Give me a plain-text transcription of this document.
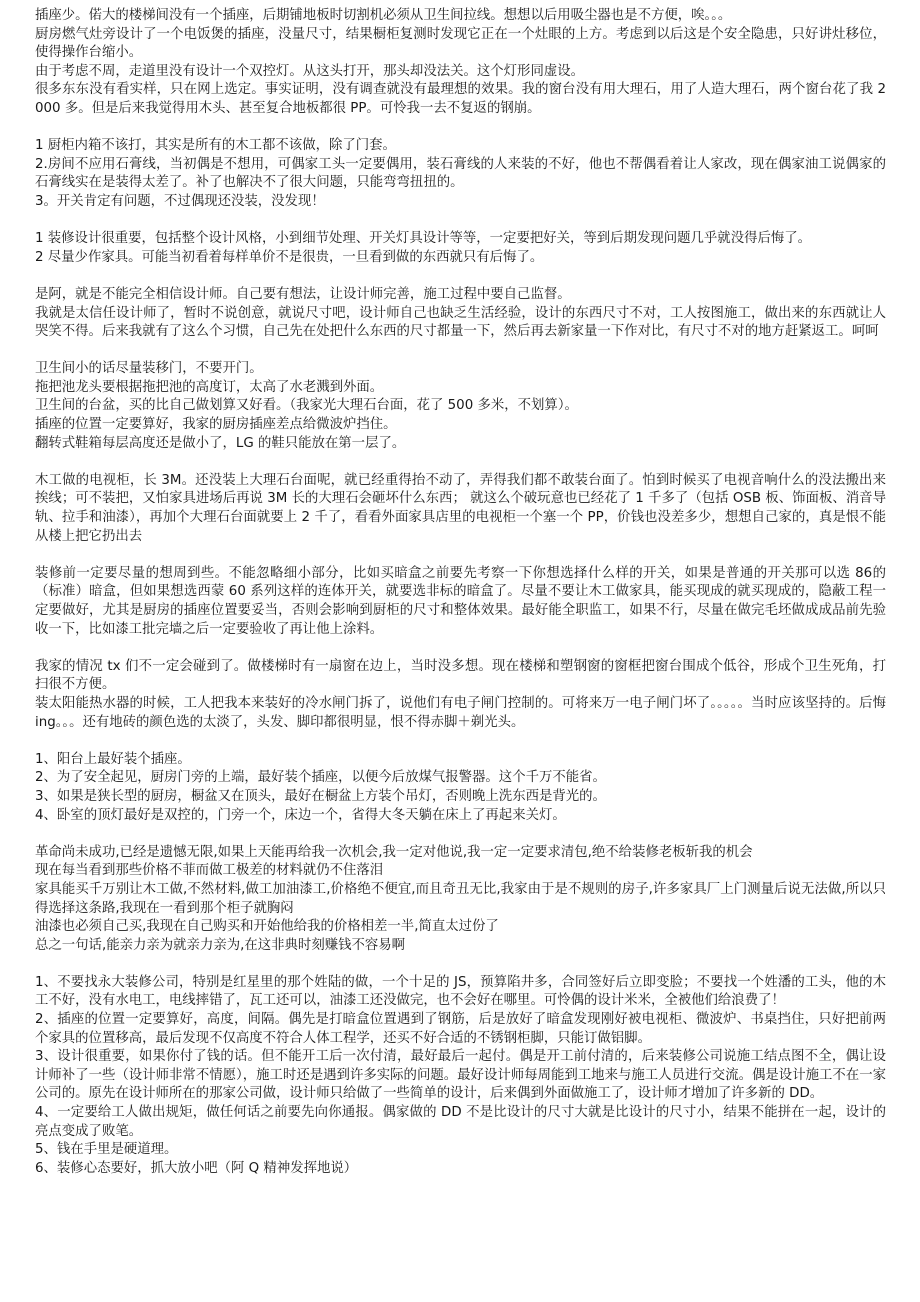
插座少。偌大的楼梯间没有一个插座，后期铺地板时切割机必须从卫生间拉线。想想以后用吸尘器也是不方便，唉。。。
厨房燃气灶旁设计了一个电饭煲的插座，没量尺寸，结果橱柜复测时发现它正在一个灶眼的上方。考虑到以后这是个安全隐患，只好讲灶移位，使得操作台缩小。
由于考虑不周，走道里没有设计一个双控灯。从这头打开，那头却没法关。这个灯形同虚设。
很多东东没有看实样，只在网上选定。事实证明，没有调查就没有最理想的效果。我的窗台没有用大理石，用了人造大理石，两个窗台花了我 2000 多。但是后来我觉得用木头、甚至复合地板都很 PP。可怜我一去不复返的钢崩。
1 厨柜内箱不该打，其实是所有的木工都不该做，除了门套。
2.房间不应用石膏线，当初偶是不想用，可偶家工头一定要偶用，装石膏线的人来装的不好，他也不帮偶看着让人家改，现在偶家油工说偶家的石膏线实在是装得太差了。补了也解决不了很大问题，只能弯弯扭扭的。
3。开关肯定有问题，不过偶现还没装，没发现！
1 装修设计很重要，包括整个设计风格，小到细节处理、开关灯具设计等等，一定要把好关，等到后期发现问题几乎就没得后悔了。
2 尽量少作家具。可能当初看着每样单价不是很贵，一旦看到做的东西就只有后悔了。
是阿，就是不能完全相信设计师。自己要有想法，让设计师完善，施工过程中要自己监督。
我就是太信任设计师了，暂时不说创意，就说尺寸吧，设计师自己也缺乏生活经验，设计的东西尺寸不对，工人按图施工，做出来的东西就让人哭笑不得。后来我就有了这么个习惯，自己先在处把什么东西的尺寸都量一下，然后再去新家量一下作对比，有尺寸不对的地方赶紧返工。呵呵
卫生间小的话尽量装移门，不要开门。
拖把池龙头要根据拖把池的高度订，太高了水老溅到外面。
卫生间的台盆，买的比自己做划算又好看。（我家光大理石台面，花了 500 多米，不划算）。
插座的位置一定要算好，我家的厨房插座差点给微波炉挡住。
翻转式鞋箱每层高度还是做小了，LG 的鞋只能放在第一层了。
木工做的电视柜，长 3M。还没装上大理石台面呢，就已经重得抬不动了，弄得我们都不敢装台面了。怕到时候买了电视音响什么的没法搬出来挨线；可不装把，又怕家具进场后再说 3M 长的大理石会砸坏什么东西； 就这么个破玩意也已经花了 1 千多了（包括 OSB 板、饰面板、消音导轨、拉手和油漆），再加个大理石台面就要上 2 千了，看看外面家具店里的电视柜一个塞一个 PP，价钱也没差多少，想想自己家的，真是恨不能从楼上把它扔出去
装修前一定要尽量的想周到些。不能忽略细小部分，比如买暗盒之前要先考察一下你想选择什么样的开关，如果是普通的开关那可以选 86的（标准）暗盒，但如果想选西蒙 60 系列这样的连体开关，就要选非标的暗盒了。尽量不要让木工做家具，能买现成的就买现成的，隐蔽工程一定要做好，尤其是厨房的插座位置要妥当，否则会影响到厨柜的尺寸和整体效果。最好能全职监工，如果不行，尽量在做完毛坯做成成品前先验收一下，比如漆工批完墙之后一定要验收了再让他上涂料。
我家的情况 tx 们不一定会碰到了。做楼梯时有一扇窗在边上，当时没多想。现在楼梯和塑钢窗的窗框把窗台围成个低谷，形成个卫生死角，打扫很不方便。
装太阳能热水器的时候，工人把我本来装好的冷水闸门拆了，说他们有电子闸门控制的。可将来万一电子闸门坏了。。。。。当时应该坚持的。后悔 ing。。。还有地砖的颜色选的太淡了，头发、脚印都很明显，恨不得赤脚＋剃光头。
1、阳台上最好装个插座。
2、为了安全起见，厨房门旁的上端，最好装个插座，以便今后放煤气报警器。这个千万不能省。
3、如果是狭长型的厨房，橱盆又在顶头，最好在橱盆上方装个吊灯，否则晚上洗东西是背光的。
4、卧室的顶灯最好是双控的，门旁一个，床边一个，省得大冬天躺在床上了再起来关灯。
革命尚未成功,已经是遗憾无限,如果上天能再给我一次机会,我一定对他说,我一定一定要求清包,绝不给装修老板斩我的机会
现在每当看到那些价格不菲而做工极差的材料就仍不住落泪
家具能买千万别让木工做,不然材料,做工加油漆工,价格绝不便宜,而且奇丑无比,我家由于是不规则的房子,许多家具厂上门测量后说无法做,所以只得选择这条路,我现在一看到那个柜子就胸闷
油漆也必须自己买,我现在自己购买和开始他给我的价格相差一半,简直太过份了
总之一句话,能亲力亲为就亲力亲为,在这非典时刻赚钱不容易啊
1、不要找永大装修公司，特别是红星里的那个姓陆的做，一个十足的 JS，预算陷井多，合同签好后立即变脸；不要找一个姓潘的工头，他的木工不好，没有水电工，电线摔错了，瓦工还可以，油漆工还没做完，也不会好在哪里。可怜偶的设计米米，全被他们给浪费了！
2、插座的位置一定要算好，高度，间隔。偶先是打暗盒位置遇到了钢筋，后是放好了暗盒发现刚好被电视柜、微波炉、书桌挡住，只好把前两个家具的位置移高，最后发现不仅高度不符合人体工程学，还买不好合适的不锈钢柜脚，只能订做铝脚。
3、设计很重要，如果你付了钱的话。但不能开工后一次付清，最好最后一起付。偶是开工前付清的，后来装修公司说施工结点图不全，偶让设计师补了一些（设计师非常不情愿），施工时还是遇到许多实际的问题。最好设计师每周能到工地来与施工人员进行交流。偶是设计施工不在一家公司的。原先在设计师所在的那家公司做，设计师只给做了一些简单的设计，后来偶到外面做施工了，设计师才增加了许多新的 DD。
4、一定要给工人做出规矩，做任何话之前要先向你通报。偶家做的 DD 不是比设计的尺寸大就是比设计的尺寸小，结果不能拼在一起，设计的亮点变成了败笔。
5、钱在手里是硬道理。
6、装修心态要好，抓大放小吧（阿 Q 精神发挥地说）
